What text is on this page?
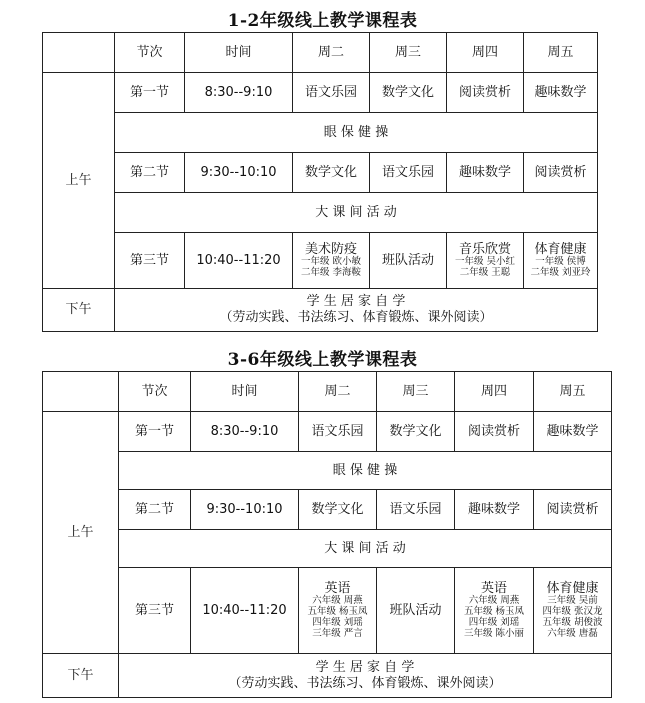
1-2年级线上教学课程表
	节次	时间	周二	周三	周四	周五
上午	第一节	8:30--9:10	语文乐园	数学文化	阅读赏析	趣味数学
	眼 保 健 操					
	第二节	9:30--10:10	数学文化	语文乐园	趣味数学	阅读赏析
	大 课 间 活 动					
	第三节	10:40--11:20	美术防疫
一年级 欧小敏
二年级 李海鞍	班队活动	音乐欣赏
一年级 吴小红
二年级 王聪	体育健康
一年级 侯博
二年级 刘亚玲

下午	学 生 居 家 自 学
（劳动实践、书法练习、体育锻炼、课外阅读）					
3-6年级线上教学课程表
	节次	时间	周二	周三	周四	周五
上午	第一节	8:30--9:10	语文乐园	数学文化	阅读赏析	趣味数学
	眼 保 健 操					
	第二节	9:30--10:10	数学文化	语文乐园	趣味数学	阅读赏析
	大 课 间 活 动					
	第三节	10:40--11:20	英语
六年级 周燕
五年级 杨玉凤
四年级 刘瑶
三年级 严言	班队活动	英语
六年级 周燕
五年级 杨玉凤
四年级 刘瑶
三年级 陈小丽	体育健康
三年级 吴前
四年级 张汉龙
五年级 胡俊波
六年级 唐磊

下午	学 生 居 家 自 学
（劳动实践、书法练习、体育锻炼、课外阅读）					
